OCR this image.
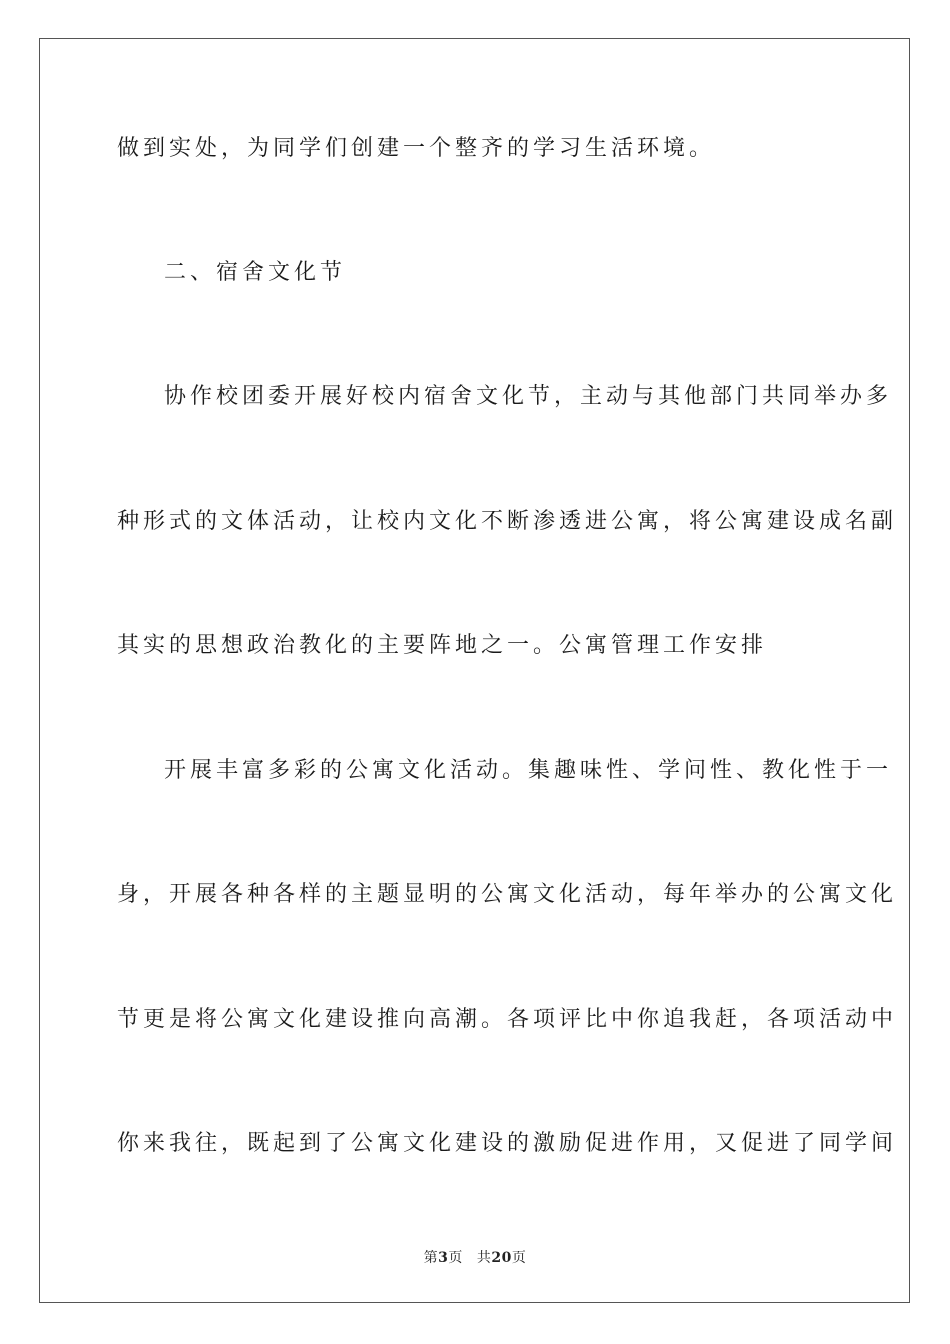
做到实处，为同学们创建一个整齐的学习生活环境。
二、宿舍文化节
协作校团委开展好校内宿舍文化节，主动与其他部门共同举办多
种形式的文体活动，让校内文化不断渗透进公寓，将公寓建设成名副
其实的思想政治教化的主要阵地之一。公寓管理工作安排
开展丰富多彩的公寓文化活动。集趣味性、学问性、教化性于一
身，开展各种各样的主题显明的公寓文化活动，每年举办的公寓文化
节更是将公寓文化建设推向高潮。各项评比中你追我赶，各项活动中
你来我往，既起到了公寓文化建设的激励促进作用，又促进了同学间
第3页 共20页
